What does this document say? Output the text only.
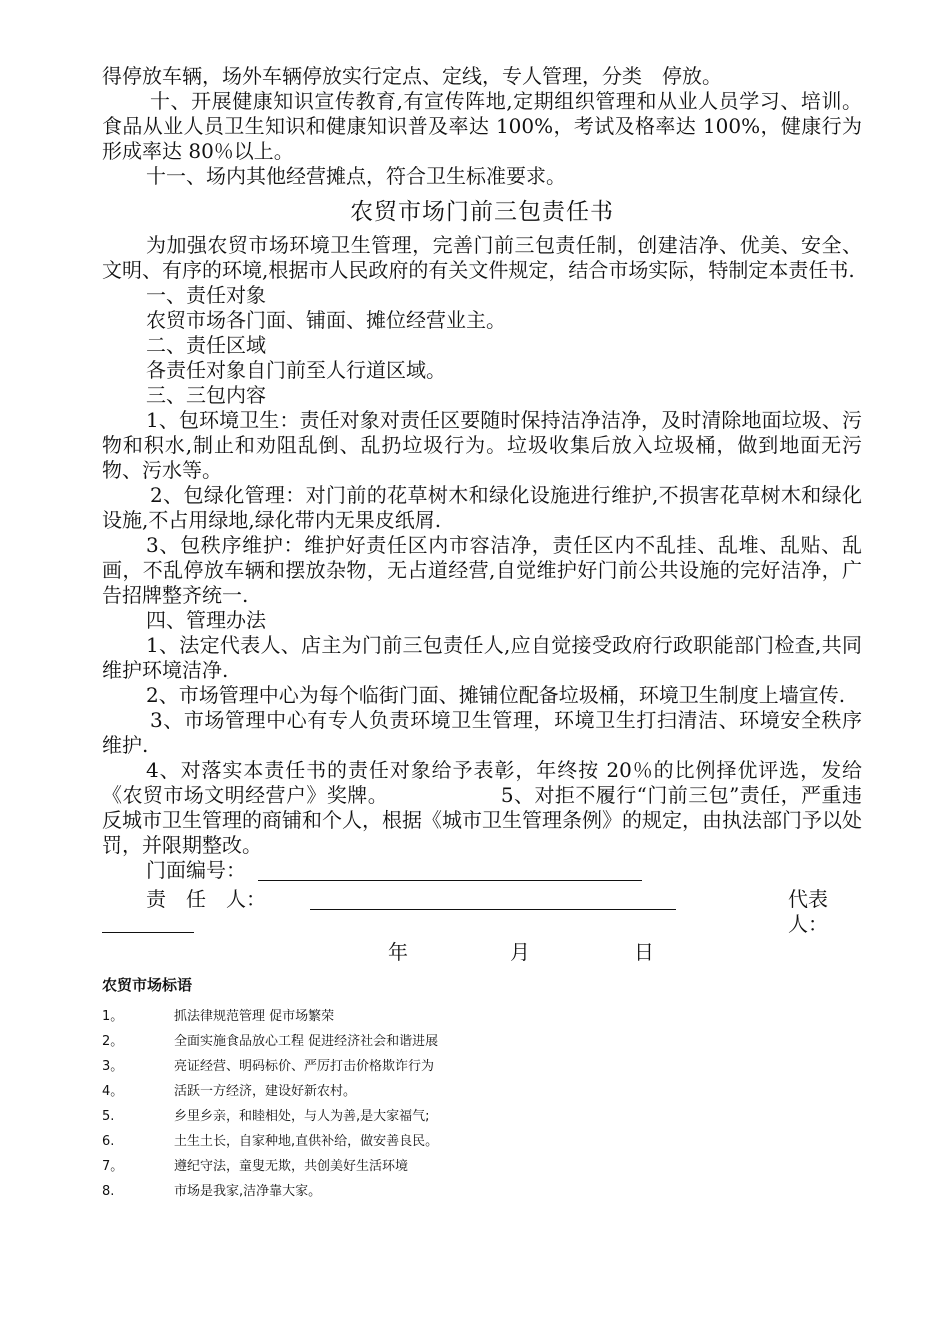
得停放车辆，场外车辆停放实行定点、定线，专人管理，分类　停放。

十、开展健康知识宣传教育,有宣传阵地,定期组织管理和从业人员学习、培训。食品从业人员卫生知识和健康知识普及率达 100%，考试及格率达 100%，健康行为形成率达 80％以上。

十一、场内其他经营摊点，符合卫生标准要求。

农贸市场门前三包责任书

为加强农贸市场环境卫生管理，完善门前三包责任制，创建洁净、优美、安全、文明、有序的环境,根据市人民政府的有关文件规定，结合市场实际，特制定本责任书.

一、责任对象

农贸市场各门面、铺面、摊位经营业主。

二、责任区域

各责任对象自门前至人行道区域。

三、三包内容

1、包环境卫生：责任对象对责任区要随时保持洁净洁净，及时清除地面垃圾、污物和积水,制止和劝阻乱倒、乱扔垃圾行为。垃圾收集后放入垃圾桶，做到地面无污物、污水等。

2、包绿化管理：对门前的花草树木和绿化设施进行维护,不损害花草树木和绿化设施,不占用绿地,绿化带内无果皮纸屑.

3、包秩序维护：维护好责任区内市容洁净，责任区内不乱挂、乱堆、乱贴、乱画，不乱停放车辆和摆放杂物，无占道经营,自觉维护好门前公共设施的完好洁净，广告招牌整齐统一.

四、管理办法

1、法定代表人、店主为门前三包责任人,应自觉接受政府行政职能部门检查,共同维护环境洁净.

2、市场管理中心为每个临街门面、摊铺位配备垃圾桶，环境卫生制度上墙宣传.

3、市场管理中心有专人负责环境卫生管理，环境卫生打扫清洁、环境安全秩序维护.

4、对落实本责任书的责任对象给予表彰，年终按 20％的比例择优评选，发给《农贸市场文明经营户》奖牌。　　　　　　5、对拒不履行“门前三包”责任，严重违反城市卫生管理的商铺和个人，根据《城市卫生管理条例》的规定，由执法部门予以处罚，并限期整改。

门面编号：
责　任　人：	代表人：
年	月	日
农贸市场标语
1。	抓法律规范管理 促市场繁荣
2。	全面实施食品放心工程 促进经济社会和谐进展
3。	亮证经营、明码标价、严厉打击价格欺诈行为
4。	活跃一方经济，建设好新农村。
5.	乡里乡亲，和睦相处，与人为善,是大家福气;
6.	土生土长，自家种地,直供补给，做安善良民。
7。	遵纪守法，童叟无欺，共创美好生活环境
8.	市场是我家,洁净靠大家。
